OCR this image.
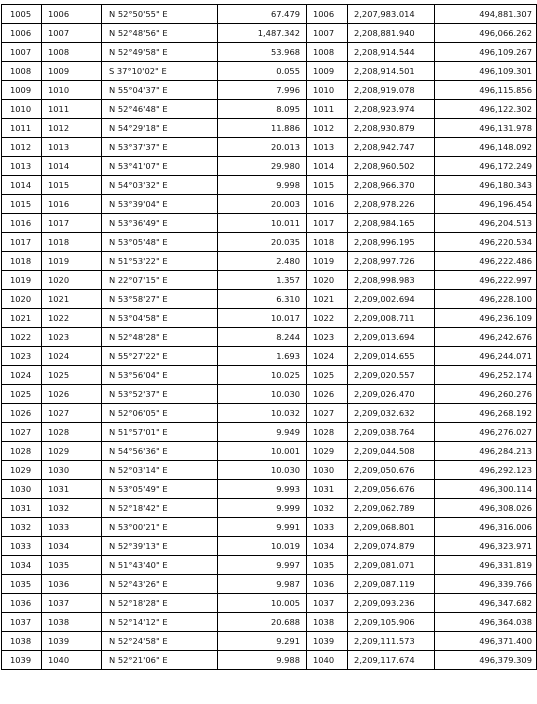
1005	1006	N 52°50'55" E	67.479	1006	2,207,983.014	494,881.307
1006	1007	N 52°48'56" E	1,487.342	1007	2,208,881.940	496,066.262
1007	1008	N 52°49'58" E	53.968	1008	2,208,914.544	496,109.267
1008	1009	S 37°10'02" E	0.055	1009	2,208,914.501	496,109.301
1009	1010	N 55°04'37" E	7.996	1010	2,208,919.078	496,115.856
1010	1011	N 52°46'48" E	8.095	1011	2,208,923.974	496,122.302
1011	1012	N 54°29'18" E	11.886	1012	2,208,930.879	496,131.978
1012	1013	N 53°37'37" E	20.013	1013	2,208,942.747	496,148.092
1013	1014	N 53°41'07" E	29.980	1014	2,208,960.502	496,172.249
1014	1015	N 54°03'32" E	9.998	1015	2,208,966.370	496,180.343
1015	1016	N 53°39'04" E	20.003	1016	2,208,978.226	496,196.454
1016	1017	N 53°36'49" E	10.011	1017	2,208,984.165	496,204.513
1017	1018	N 53°05'48" E	20.035	1018	2,208,996.195	496,220.534
1018	1019	N 51°53'22" E	2.480	1019	2,208,997.726	496,222.486
1019	1020	N 22°07'15" E	1.357	1020	2,208,998.983	496,222.997
1020	1021	N 53°58'27" E	6.310	1021	2,209,002.694	496,228.100
1021	1022	N 53°04'58" E	10.017	1022	2,209,008.711	496,236.109
1022	1023	N 52°48'28" E	8.244	1023	2,209,013.694	496,242.676
1023	1024	N 55°27'22" E	1.693	1024	2,209,014.655	496,244.071
1024	1025	N 53°56'04" E	10.025	1025	2,209,020.557	496,252.174
1025	1026	N 53°52'37" E	10.030	1026	2,209,026.470	496,260.276
1026	1027	N 52°06'05" E	10.032	1027	2,209,032.632	496,268.192
1027	1028	N 51°57'01" E	9.949	1028	2,209,038.764	496,276.027
1028	1029	N 54°56'36" E	10.001	1029	2,209,044.508	496,284.213
1029	1030	N 52°03'14" E	10.030	1030	2,209,050.676	496,292.123
1030	1031	N 53°05'49" E	9.993	1031	2,209,056.676	496,300.114
1031	1032	N 52°18'42" E	9.999	1032	2,209,062.789	496,308.026
1032	1033	N 53°00'21" E	9.991	1033	2,209,068.801	496,316.006
1033	1034	N 52°39'13" E	10.019	1034	2,209,074.879	496,323.971
1034	1035	N 51°43'40" E	9.997	1035	2,209,081.071	496,331.819
1035	1036	N 52°43'26" E	9.987	1036	2,209,087.119	496,339.766
1036	1037	N 52°18'28" E	10.005	1037	2,209,093.236	496,347.682
1037	1038	N 52°14'12" E	20.688	1038	2,209,105.906	496,364.038
1038	1039	N 52°24'58" E	9.291	1039	2,209,111.573	496,371.400
1039	1040	N 52°21'06" E	9.988	1040	2,209,117.674	496,379.309
